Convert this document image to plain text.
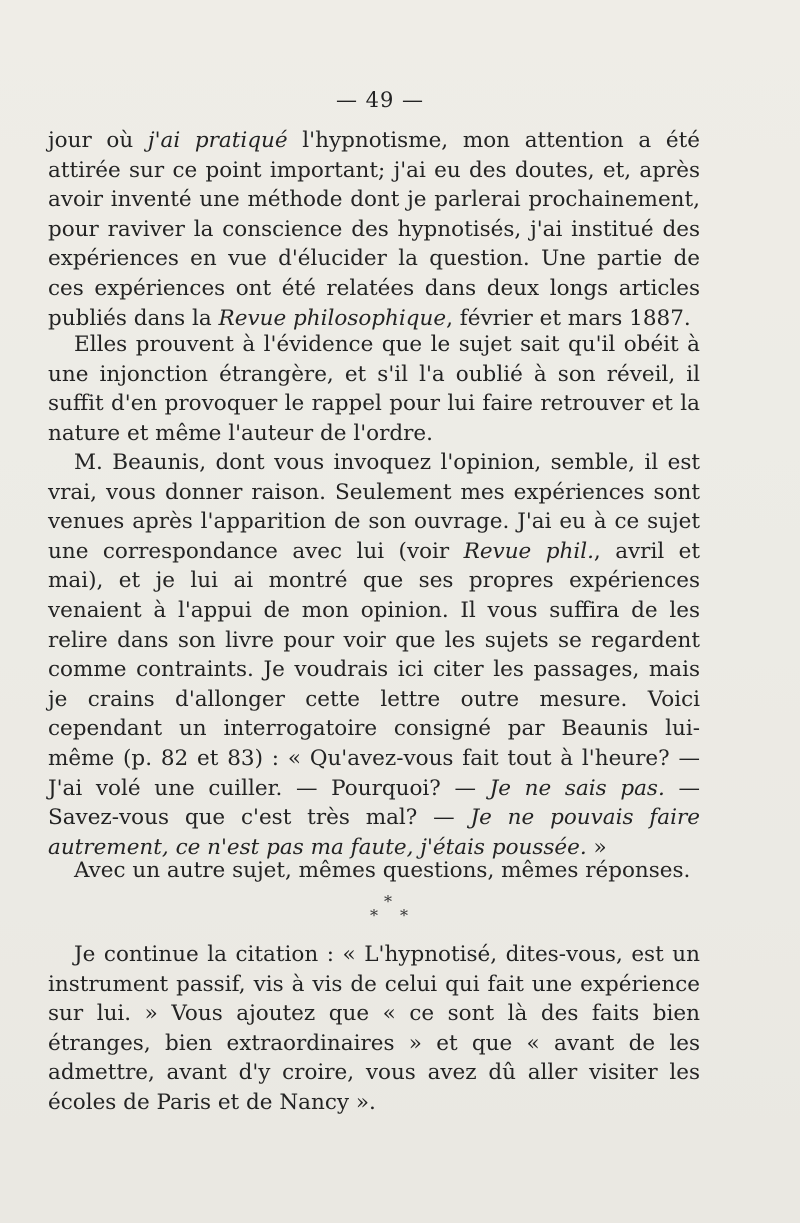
— 49 —

jour où j'ai pratiqué l'hypnotisme, mon attention a été attirée sur ce point important; j'ai eu des doutes, et, après avoir inventé une méthode dont je parlerai prochainement, pour raviver la conscience des hypnotisés, j'ai institué des expériences en vue d'élucider la question. Une partie de ces expériences ont été relatées dans deux longs articles publiés dans la Revue philosophique, février et mars 1887.

Elles prouvent à l'évidence que le sujet sait qu'il obéit à une injonction étrangère, et s'il l'a oublié à son réveil, il suffit d'en provoquer le rappel pour lui faire retrouver et la nature et même l'auteur de l'ordre.

M. Beaunis, dont vous invoquez l'opinion, semble, il est vrai, vous donner raison. Seulement mes expériences sont venues après l'apparition de son ouvrage. J'ai eu à ce sujet une correspondance avec lui (voir Revue phil., avril et mai), et je lui ai montré que ses propres expériences venaient à l'appui de mon opinion. Il vous suffira de les relire dans son livre pour voir que les sujets se regardent comme contraints. Je voudrais ici citer les passages, mais je crains d'allonger cette lettre outre mesure. Voici cependant un interrogatoire consigné par Beaunis lui-même (p. 82 et 83) : « Qu'avez-vous fait tout à l'heure? — J'ai volé une cuiller. — Pourquoi? — Je ne sais pas. — Savez-vous que c'est très mal? — Je ne pouvais faire autrement, ce n'est pas ma faute, j'étais poussée. »

Avec un autre sujet, mêmes questions, mêmes réponses.

*
* *

Je continue la citation : « L'hypnotisé, dites-vous, est un instrument passif, vis à vis de celui qui fait une expérience sur lui. » Vous ajoutez que « ce sont là des faits bien étranges, bien extraordinaires » et que « avant de les admettre, avant d'y croire, vous avez dû aller visiter les écoles de Paris et de Nancy ».
